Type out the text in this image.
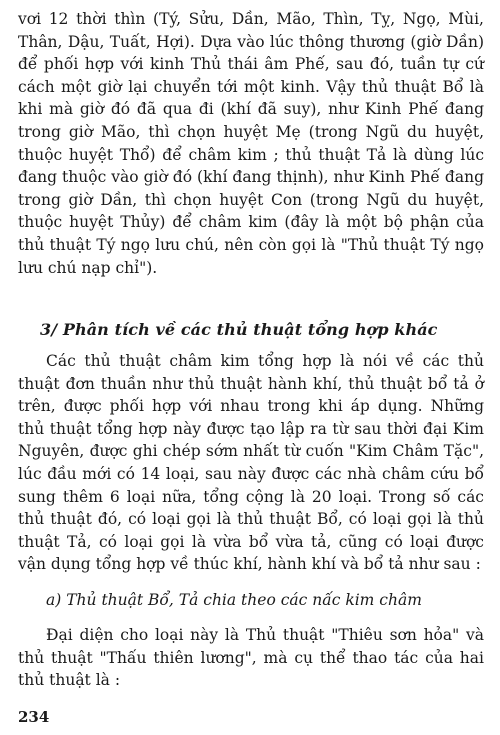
vơi 12 thời thìn (Tý, Sửu, Dần, Mão, Thìn, Tỵ, Ngọ, Mùi, Thân, Dậu, Tuất, Hợi). Dựa vào lúc thông thương (giờ Dần) để phối hợp với kinh Thủ thái âm Phế, sau đó, tuần tự cứ cách một giờ lại chuyển tới một kinh. Vậy thủ thuật Bổ là khi mà giờ đó đã qua đi (khí đã suy), như Kinh Phế đang trong giờ Mão, thì chọn huyệt Mẹ (trong Ngũ du huyệt, thuộc huyệt Thổ) để châm kim ; thủ thuật Tả là dùng lúc đang thuộc vào giờ đó (khí đang thịnh), như Kinh Phế đang trong giờ Dần, thì chọn huyệt Con (trong Ngũ du huyệt, thuộc huyệt Thủy) để châm kim (đây là một bộ phận của thủ thuật Tý ngọ lưu chú, nên còn gọi là "Thủ thuật Tý ngọ lưu chú nạp chỉ").

3/ Phân tích về các thủ thuật tổng hợp khác

Các thủ thuật châm kim tổng hợp là nói về các thủ thuật đơn thuần như thủ thuật hành khí, thủ thuật bổ tả ở trên, được phối hợp với nhau trong khi áp dụng. Những thủ thuật tổng hợp này được tạo lập ra từ sau thời đại Kim Nguyên, được ghi chép sớm nhất từ cuốn "Kim Châm Tặc", lúc đầu mới có 14 loại, sau này được các nhà châm cứu bổ sung thêm 6 loại nữa, tổng cộng là 20 loại. Trong số các thủ thuật đó, có loại gọi là thủ thuật Bổ, có loại gọi là thủ thuật Tả, có loại gọi là vừa bổ vừa tả, cũng có loại được vận dụng tổng hợp về thúc khí, hành khí và bổ tả như sau :

a) Thủ thuật Bổ, Tả chia theo các nấc kim châm

Đại diện cho loại này là Thủ thuật "Thiêu sơn hỏa" và thủ thuật "Thấu thiên lương", mà cụ thể thao tác của hai thủ thuật là :

234
